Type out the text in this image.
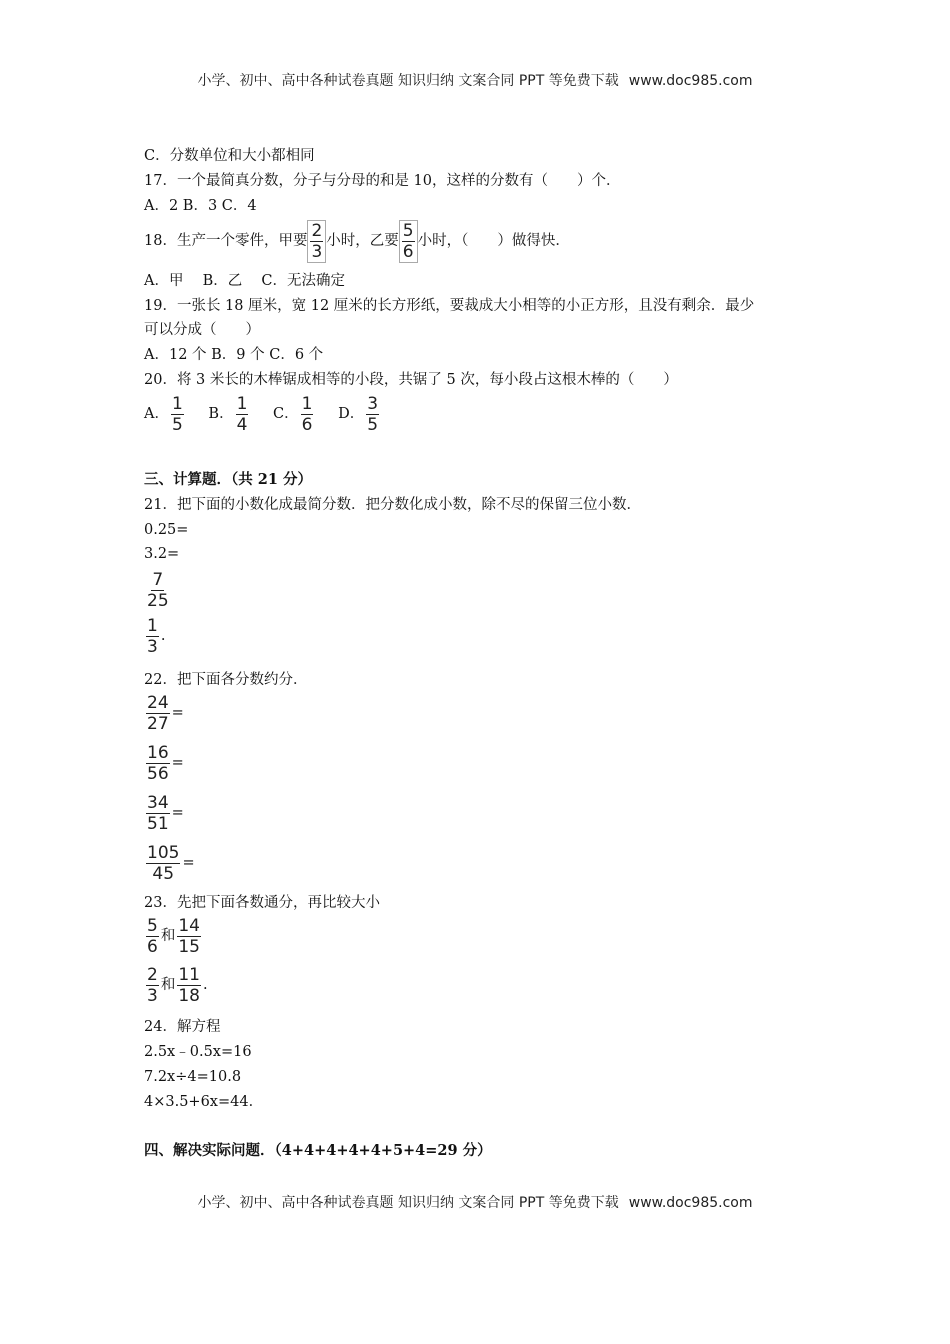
小学、初中、高中各种试卷真题 知识归纳 文案合同 PPT 等免费下载 www.doc985.com
C．分数单位和大小都相同
17．一个最简真分数，分子与分母的和是 10，这样的分数有（　　）个．
A．2 B．3 C．4
18．生产一个零件，甲要 $\frac{2}{3}$ 小时，乙要 $\frac{5}{6}$ 小时，（　　）做得快．
A．甲　 B．乙　 C．无法确定
19．一张长 18 厘米，宽 12 厘米的长方形纸，要裁成大小相等的小正方形，且没有剩余．最少
可以分成（　　）
A．12 个 B．9 个 C．6 个
20．将 3 米长的木棒锯成相等的小段，共锯了 5 次，每小段占这根木棒的（　　）
A． $\frac{1}{5}$ B． $\frac{1}{4}$ C． $\frac{1}{6}$ D． $\frac{3}{5}$
三、计算题．（共 21 分）
21．把下面的小数化成最简分数．把分数化成小数，除不尽的保留三位小数．
0.25=
3.2=
$\frac{7}{25}$
$\frac{1}{3}$ .
22．把下面各分数约分．
$\frac{24}{27}$ =
$\frac{16}{56}$ =
$\frac{34}{51}$ =
$\frac{105}{45}$ =
23．先把下面各数通分，再比较大小
$\frac{5}{6}$ 和 $\frac{14}{15}$
$\frac{2}{3}$ 和 $\frac{11}{18}$ .
24．解方程
2.5x﹣0.5x=16
7.2x÷4=10.8
4×3.5+6x=44．
四、解决实际问题．（4+4+4+4+4+5+4=29 分）
小学、初中、高中各种试卷真题 知识归纳 文案合同 PPT 等免费下载 www.doc985.com
